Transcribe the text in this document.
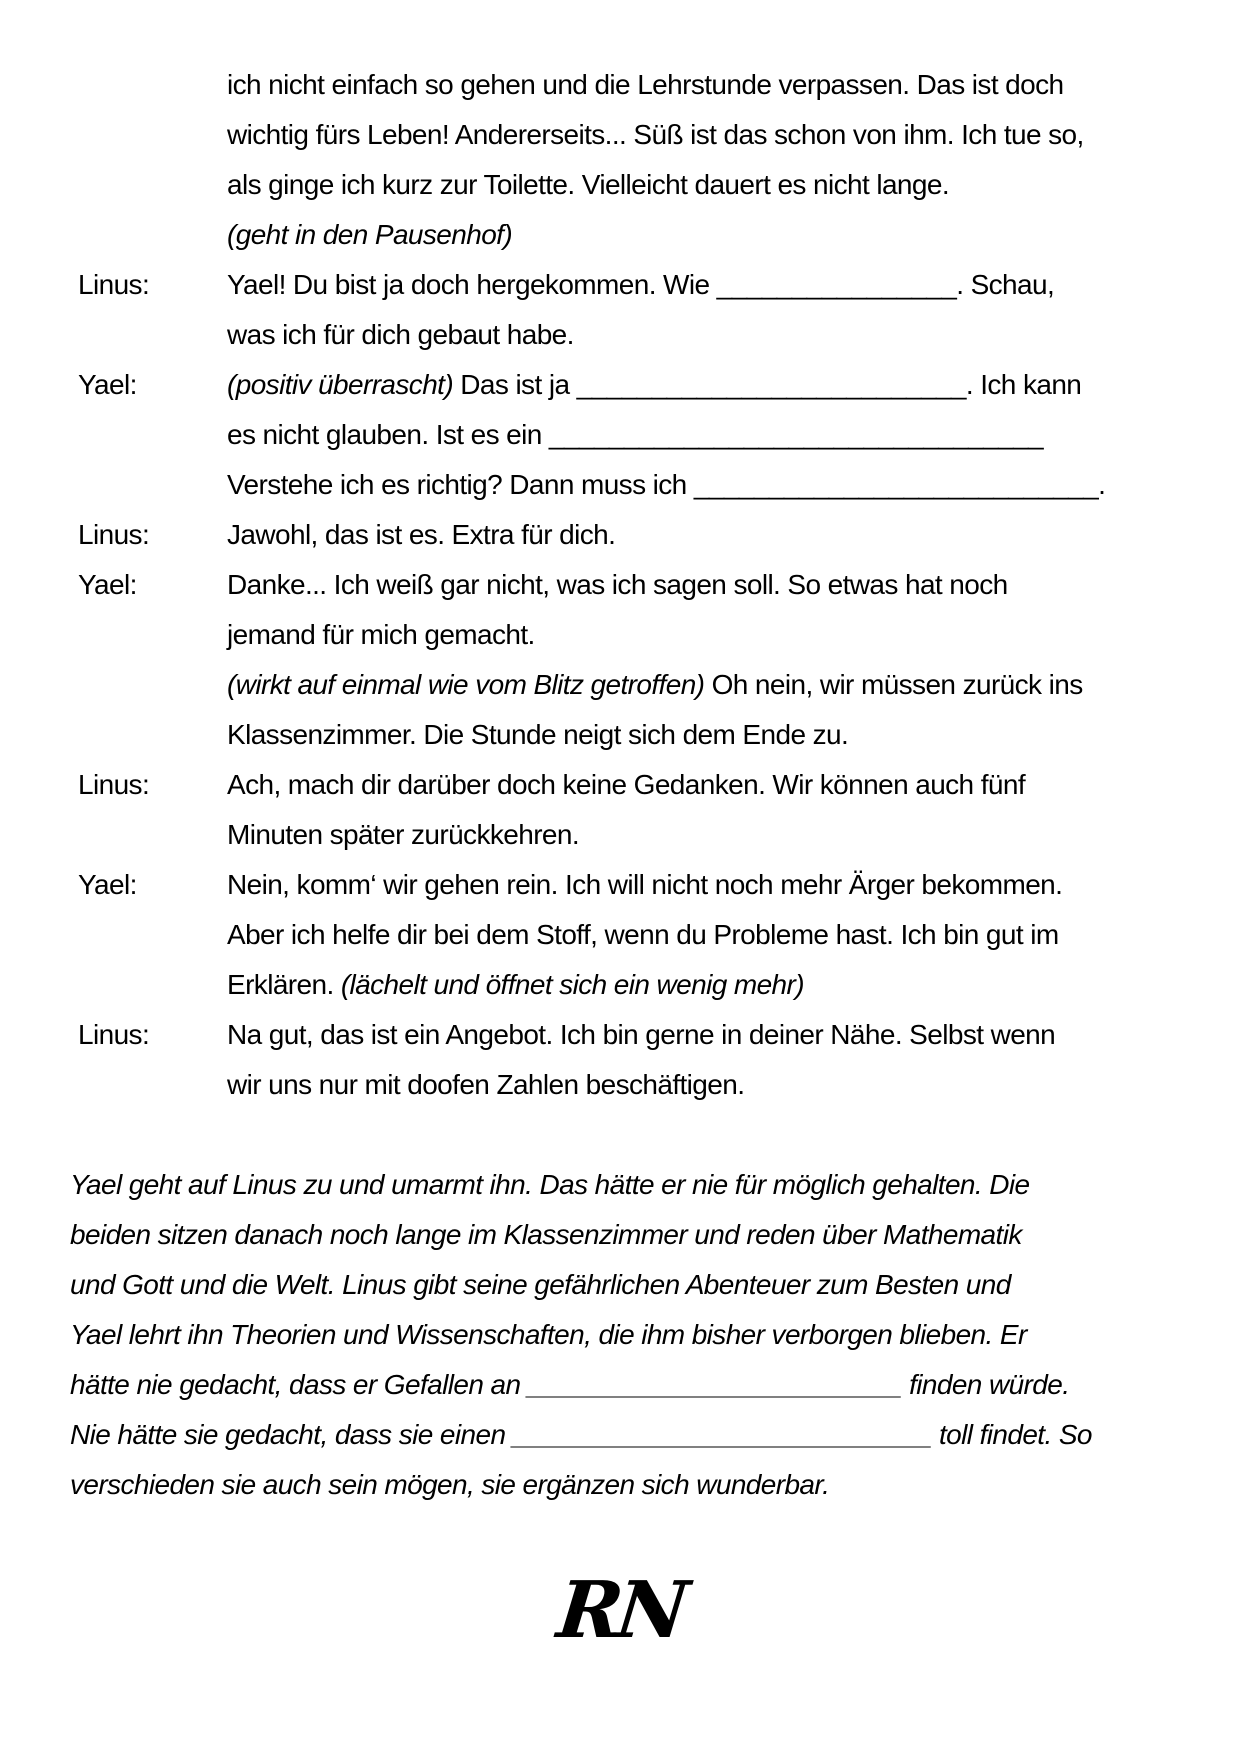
ich nicht einfach so gehen und die Lehrstunde verpassen. Das ist doch
wichtig fürs Leben! Andererseits... Süß ist das schon von ihm. Ich tue so,
als ginge ich kurz zur Toilette. Vielleicht dauert es nicht lange.
(geht in den Pausenhof)
Linus:	Yael! Du bist ja doch hergekommen. Wie ________________. Schau,
was ich für dich gebaut habe.
Yael:	(positiv überrascht) Das ist ja __________________________. Ich kann
es nicht glauben. Ist es ein _________________________________
Verstehe ich es richtig? Dann muss ich ___________________________.
Linus:	Jawohl, das ist es. Extra für dich.
Yael:	Danke... Ich weiß gar nicht, was ich sagen soll. So etwas hat noch
jemand für mich gemacht.
(wirkt auf einmal wie vom Blitz getroffen) Oh nein, wir müssen zurück ins
Klassenzimmer. Die Stunde neigt sich dem Ende zu.
Linus:	Ach, mach dir darüber doch keine Gedanken. Wir können auch fünf
Minuten später zurückkehren.
Yael:	Nein, komm‘ wir gehen rein. Ich will nicht noch mehr Ärger bekommen.
Aber ich helfe dir bei dem Stoff, wenn du Probleme hast. Ich bin gut im
Erklären. (lächelt und öffnet sich ein wenig mehr)
Linus:	Na gut, das ist ein Angebot. Ich bin gerne in deiner Nähe. Selbst wenn
wir uns nur mit doofen Zahlen beschäftigen.
Yael geht auf Linus zu und umarmt ihn. Das hätte er nie für möglich gehalten. Die
beiden sitzen danach noch lange im Klassenzimmer und reden über Mathematik
und Gott und die Welt. Linus gibt seine gefährlichen Abenteuer zum Besten und
Yael lehrt ihn Theorien und Wissenschaften, die ihm bisher verborgen blieben. Er
hätte nie gedacht, dass er Gefallen an _________________________ finden würde.
Nie hätte sie gedacht, dass sie einen ____________________________ toll findet. So
verschieden sie auch sein mögen, sie ergänzen sich wunderbar.
RN
